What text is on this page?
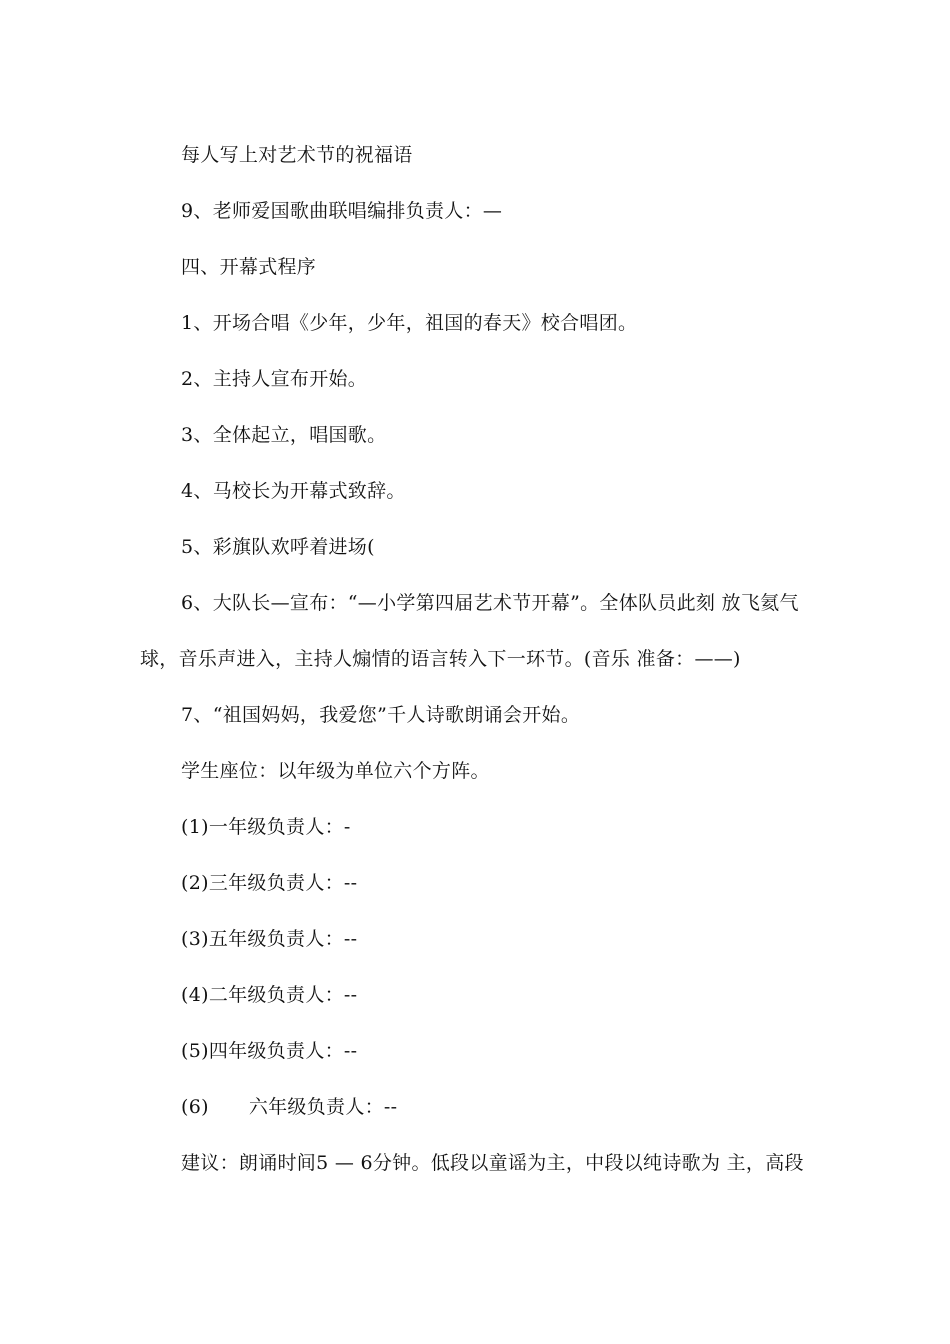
每人写上对艺术节的祝福语
9、老师爱国歌曲联唱编排负责人：—
四、开幕式程序
1、开场合唱《少年，少年，祖国的春天》校合唱团。
2、主持人宣布开始。
3、全体起立，唱国歌。
4、马校长为开幕式致辞。
5、彩旗队欢呼着进场(
6、大队长—宣布：“—小学第四届艺术节开幕”。全体队员此刻 放飞氦气
球，音乐声进入，主持人煽情的语言转入下一环节。(音乐 准备：——)
7、“祖国妈妈，我爱您”千人诗歌朗诵会开始。
学生座位：以年级为单位六个方阵。
(1)一年级负责人：-
(2)三年级负责人：--
(3)五年级负责人：--
(4)二年级负责人：--
(5)四年级负责人：--
(6) 六年级负责人：--
建议：朗诵时间5 — 6分钟。低段以童谣为主，中段以纯诗歌为 主，高段
